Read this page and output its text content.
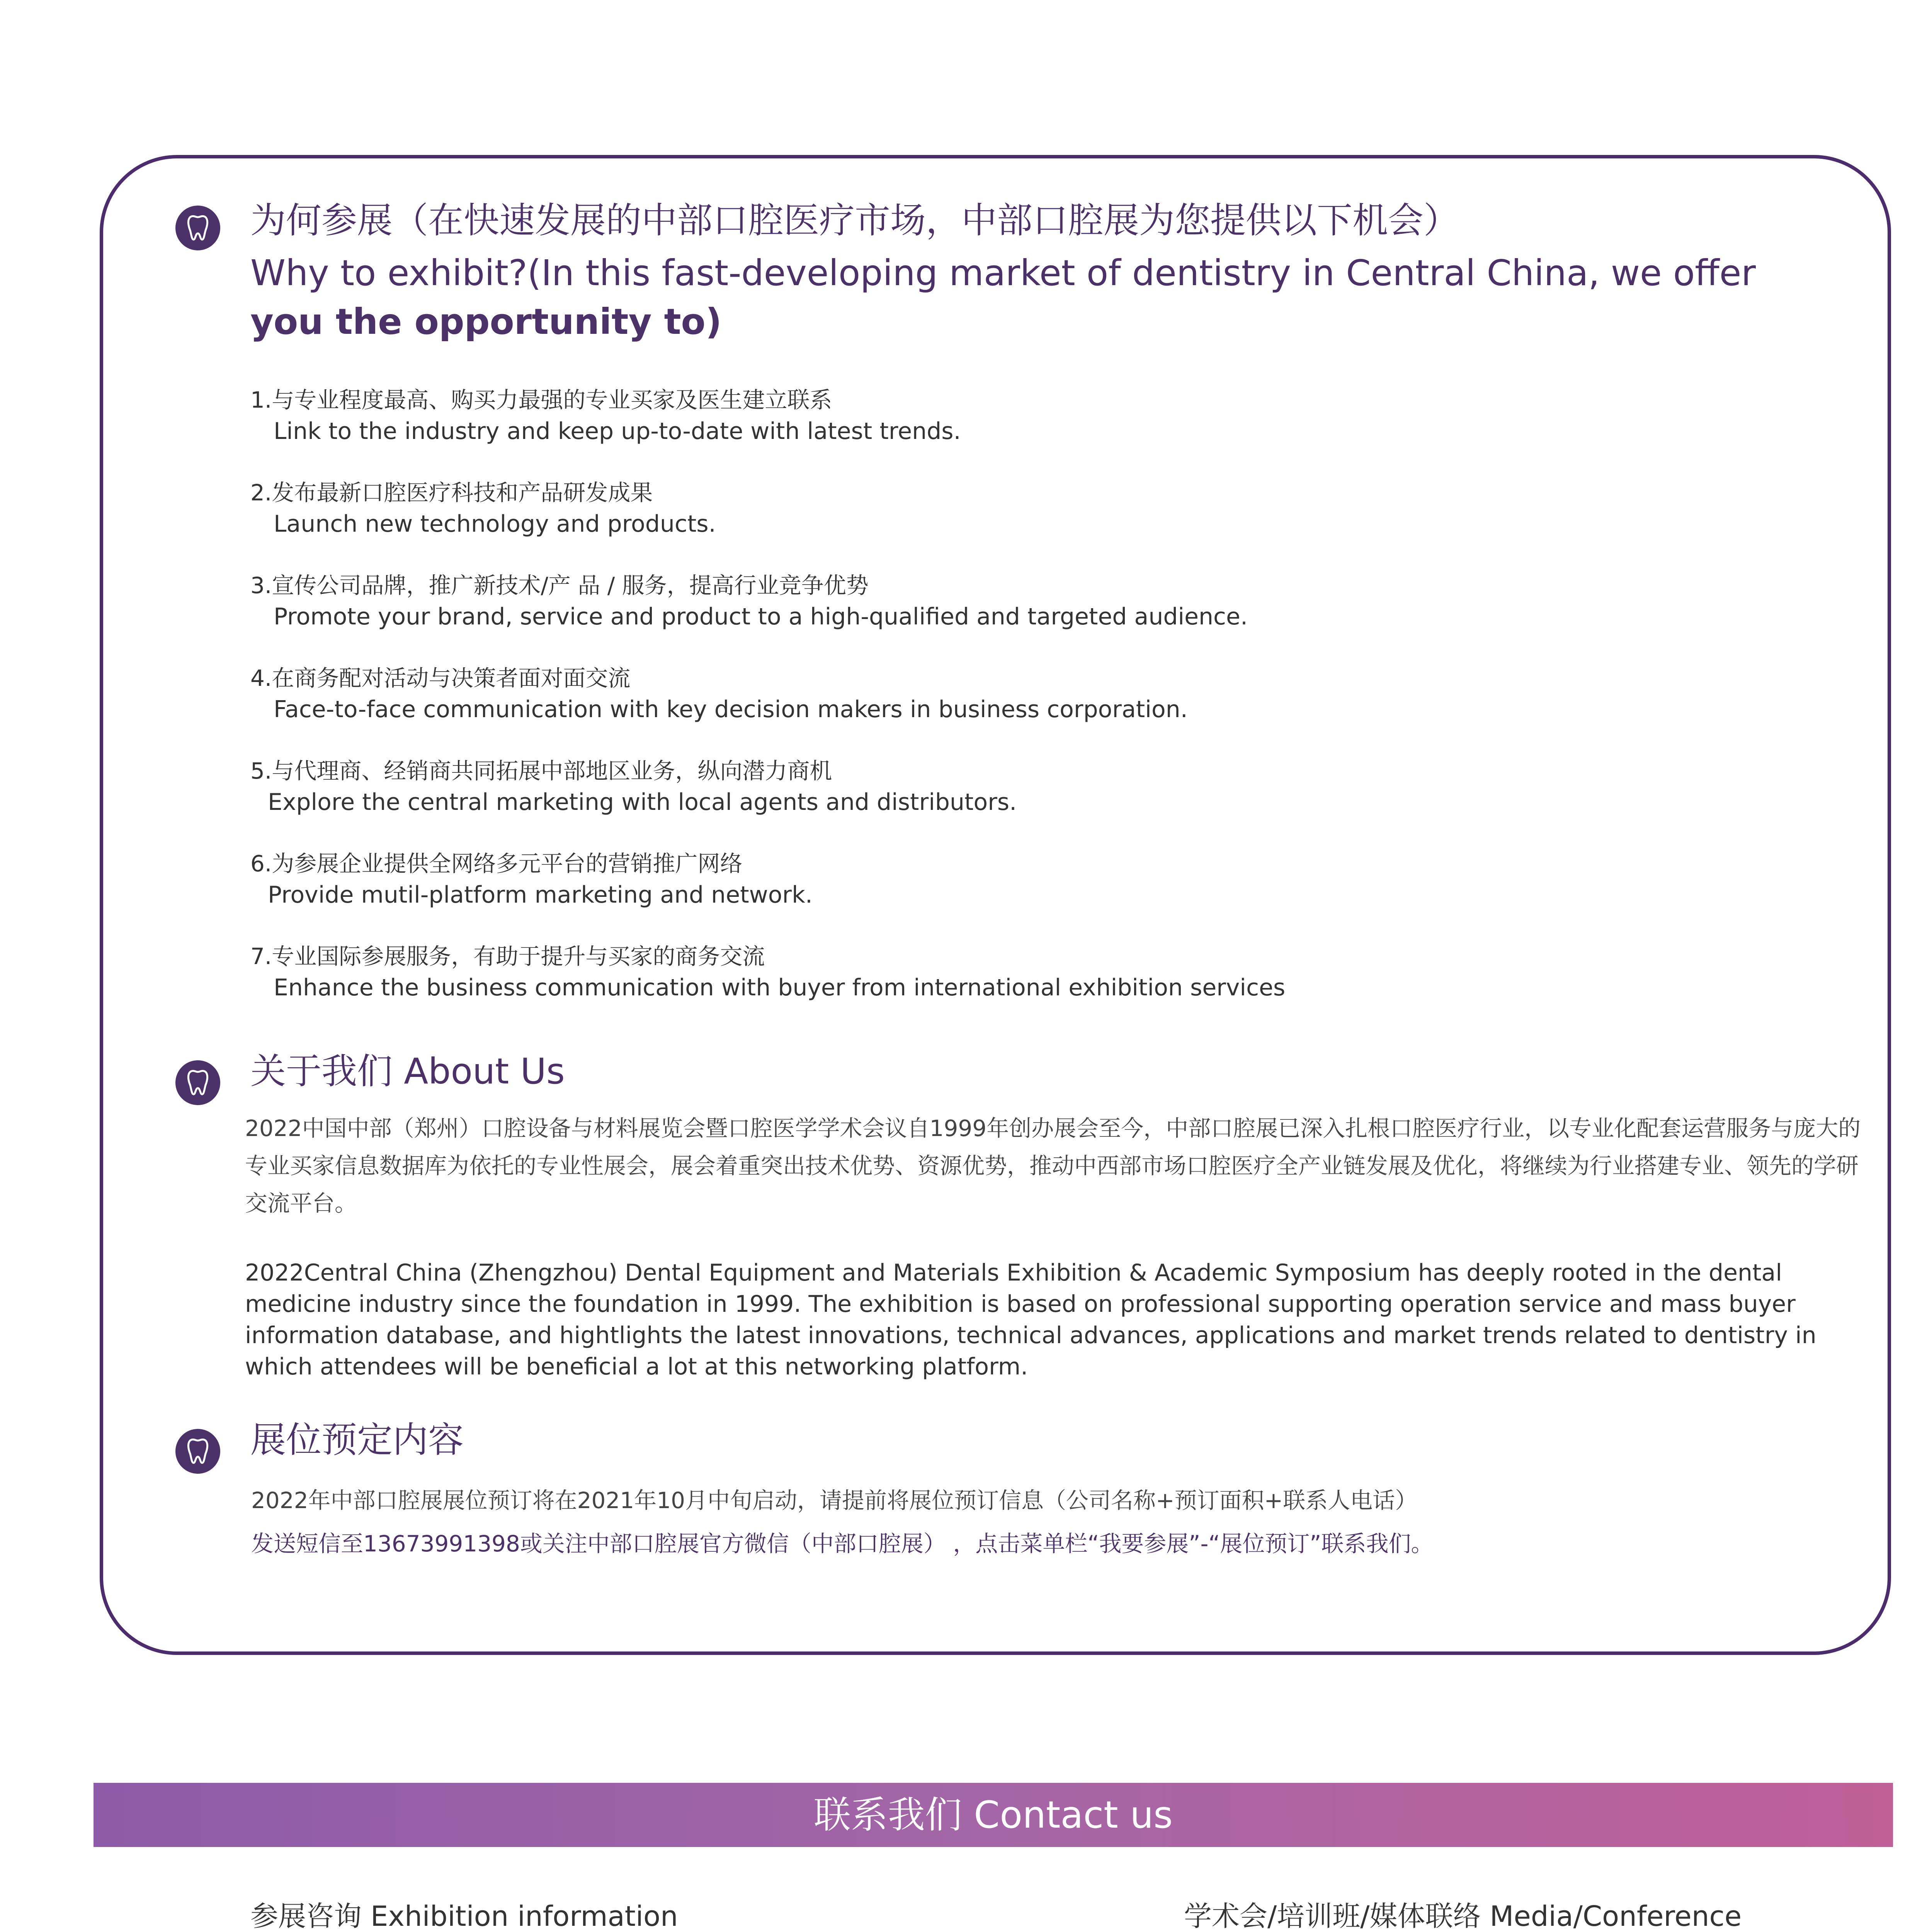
为何参展（在快速发展的中部口腔医疗市场，中部口腔展为您提供以下机会）
Why to exhibit?(In this fast-developing market of dentistry in Central China, we offer
you the opportunity to)
1.与专业程度最高、购买力最强的专业买家及医生建立联系
Link to the industry and keep up-to-date with latest trends.
2.发布最新口腔医疗科技和产品研发成果
Launch new technology and products.
3.宣传公司品牌，推广新技术/产 品 / 服务，提高行业竞争优势
Promote your brand, service and product to a high-qualified and targeted audience.
4.在商务配对活动与决策者面对面交流
Face-to-face communication with key decision makers in business corporation.
5.与代理商、经销商共同拓展中部地区业务，纵向潜力商机
Explore the central marketing with local agents and distributors.
6.为参展企业提供全网络多元平台的营销推广网络
Provide mutil-platform marketing and network.
7.专业国际参展服务，有助于提升与买家的商务交流
Enhance the business communication with buyer from international exhibition services
关于我们 About Us
2022中国中部（郑州）口腔设备与材料展览会暨口腔医学学术会议自1999年创办展会至今，中部口腔展已深入扎根口腔医疗行业，以专业化配套运营服务与庞大的专业买家信息数据库为依托的专业性展会，展会着重突出技术优势、资源优势，推动中西部市场口腔医疗全产业链发展及优化，将继续为行业搭建专业、领先的学研交流平台。
2022Central China (Zhengzhou) Dental Equipment and Materials Exhibition & Academic Symposium has deeply rooted in the dental medicine industry since the foundation in 1999. The exhibition is based on professional supporting operation service and mass buyer information database, and hightlights the latest innovations, technical advances, applications and market trends related to dentistry in which attendees will be beneficial a lot at this networking platform.
展位预定内容
2022年中部口腔展展位预订将在2021年10月中旬启动，请提前将展位预订信息（公司名称+预订面积+联系人电话）
发送短信至13673991398或关注中部口腔展官方微信（中部口腔展） ，点击菜单栏“我要参展”-“展位预订”联系我们。
联系我们 Contact us
参展咨询 Exhibition information	学术会/培训班/媒体联络 Media/Conference
